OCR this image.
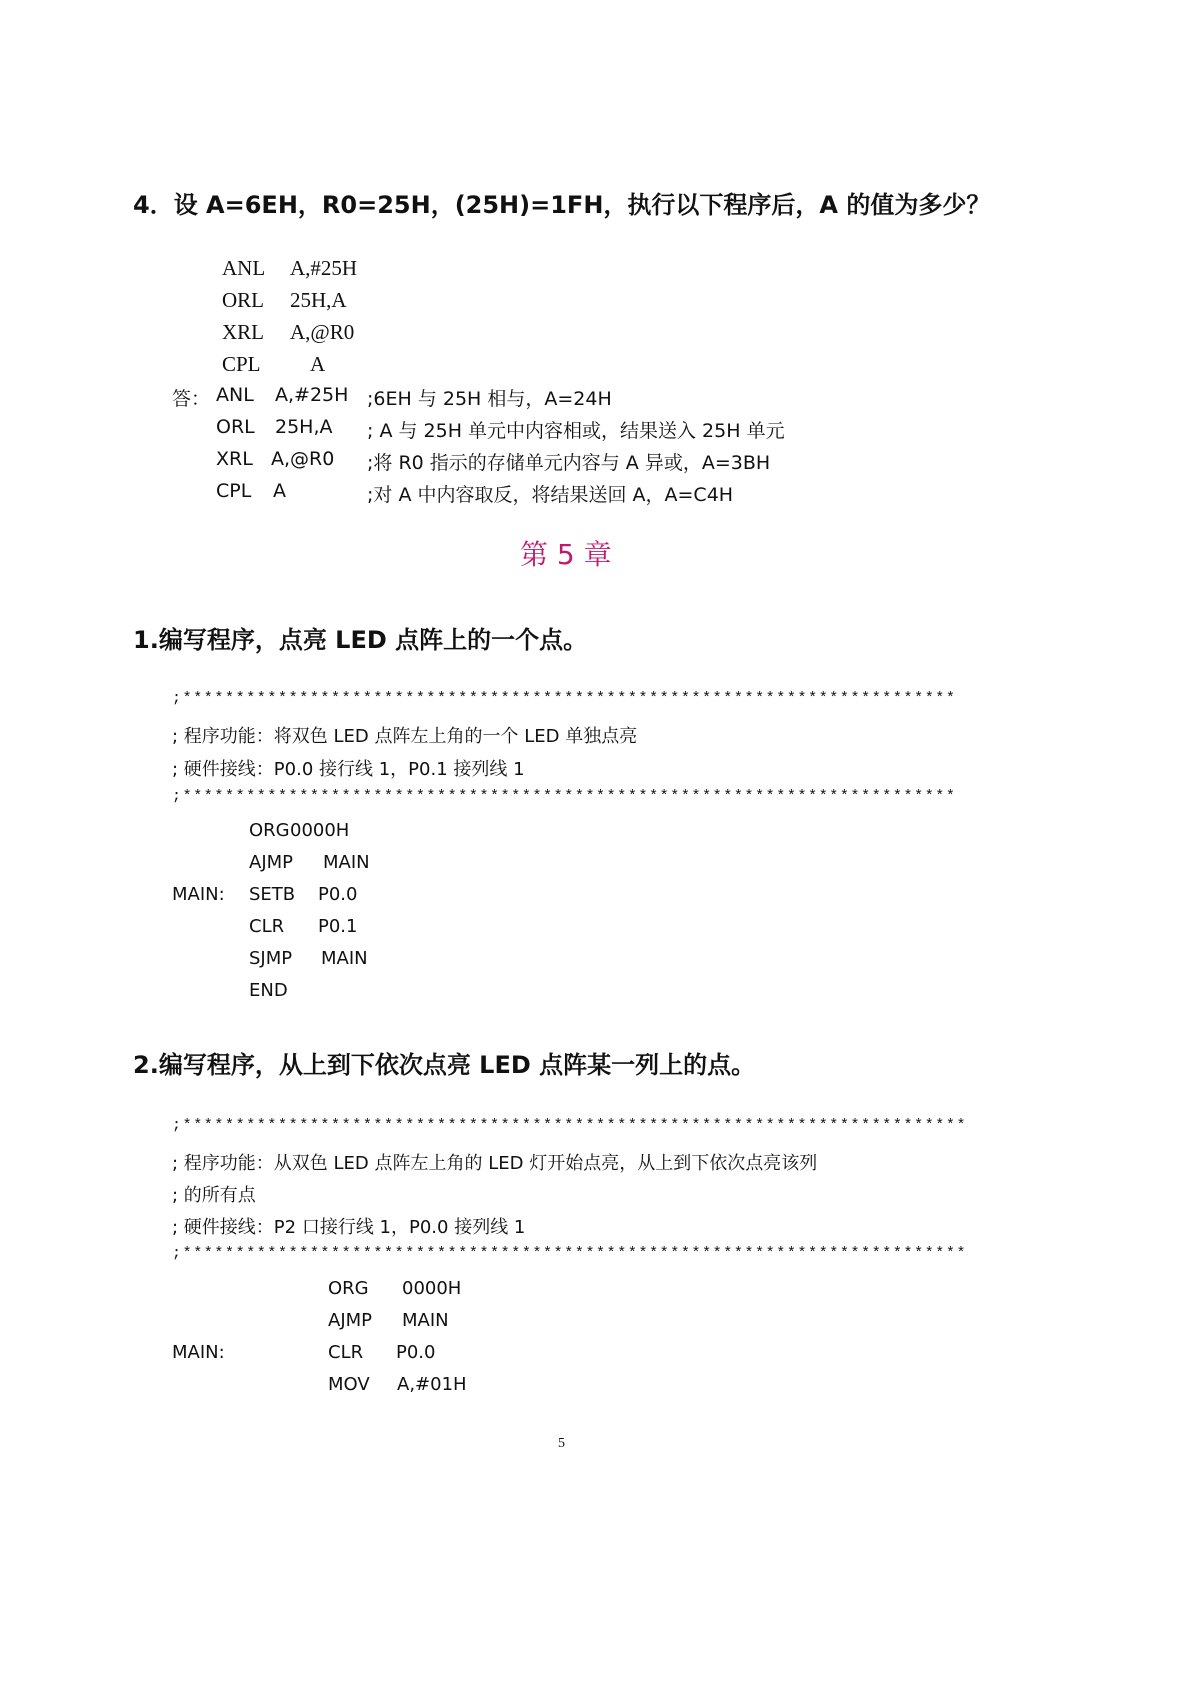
4．设 A=6EH，R0=25H，(25H)=1FH，执行以下程序后，A 的值为多少？
ANL A,#25H
ORL 25H,A
XRL A,@R0
CPL A
答： ANL A,#25H ;6EH 与 25H 相与，A=24H
ORL 25H,A ; A 与 25H 单元中内容相或，结果送入 25H 单元
XRL A,@R0 ;将 R0 指示的存储单元内容与 A 异或，A=3BH
CPL A	;对 A 中内容取反，将结果送回 A，A=C4H
第 5 章
1.编写程序，点亮 LED 点阵上的一个点。
;*************************************************************************
; 程序功能：将双色 LED 点阵左上角的一个 LED 单独点亮
; 硬件接线：P0.0 接行线 1，P0.1 接列线 1
;*************************************************************************
ORG 0000H
AJMP MAIN
MAIN: SETB P0.0
CLR P0.1
SJMP MAIN
END
2.编写程序，从上到下依次点亮 LED 点阵某一列上的点。
;**************************************************************************
; 程序功能：从双色 LED 点阵左上角的 LED 灯开始点亮，从上到下依次点亮该列
; 的所有点
; 硬件接线：P2 口接行线 1，P0.0 接列线 1
;**************************************************************************
ORG 0000H
AJMP MAIN
MAIN:	CLR P0.0
MOV A,#01H
5
